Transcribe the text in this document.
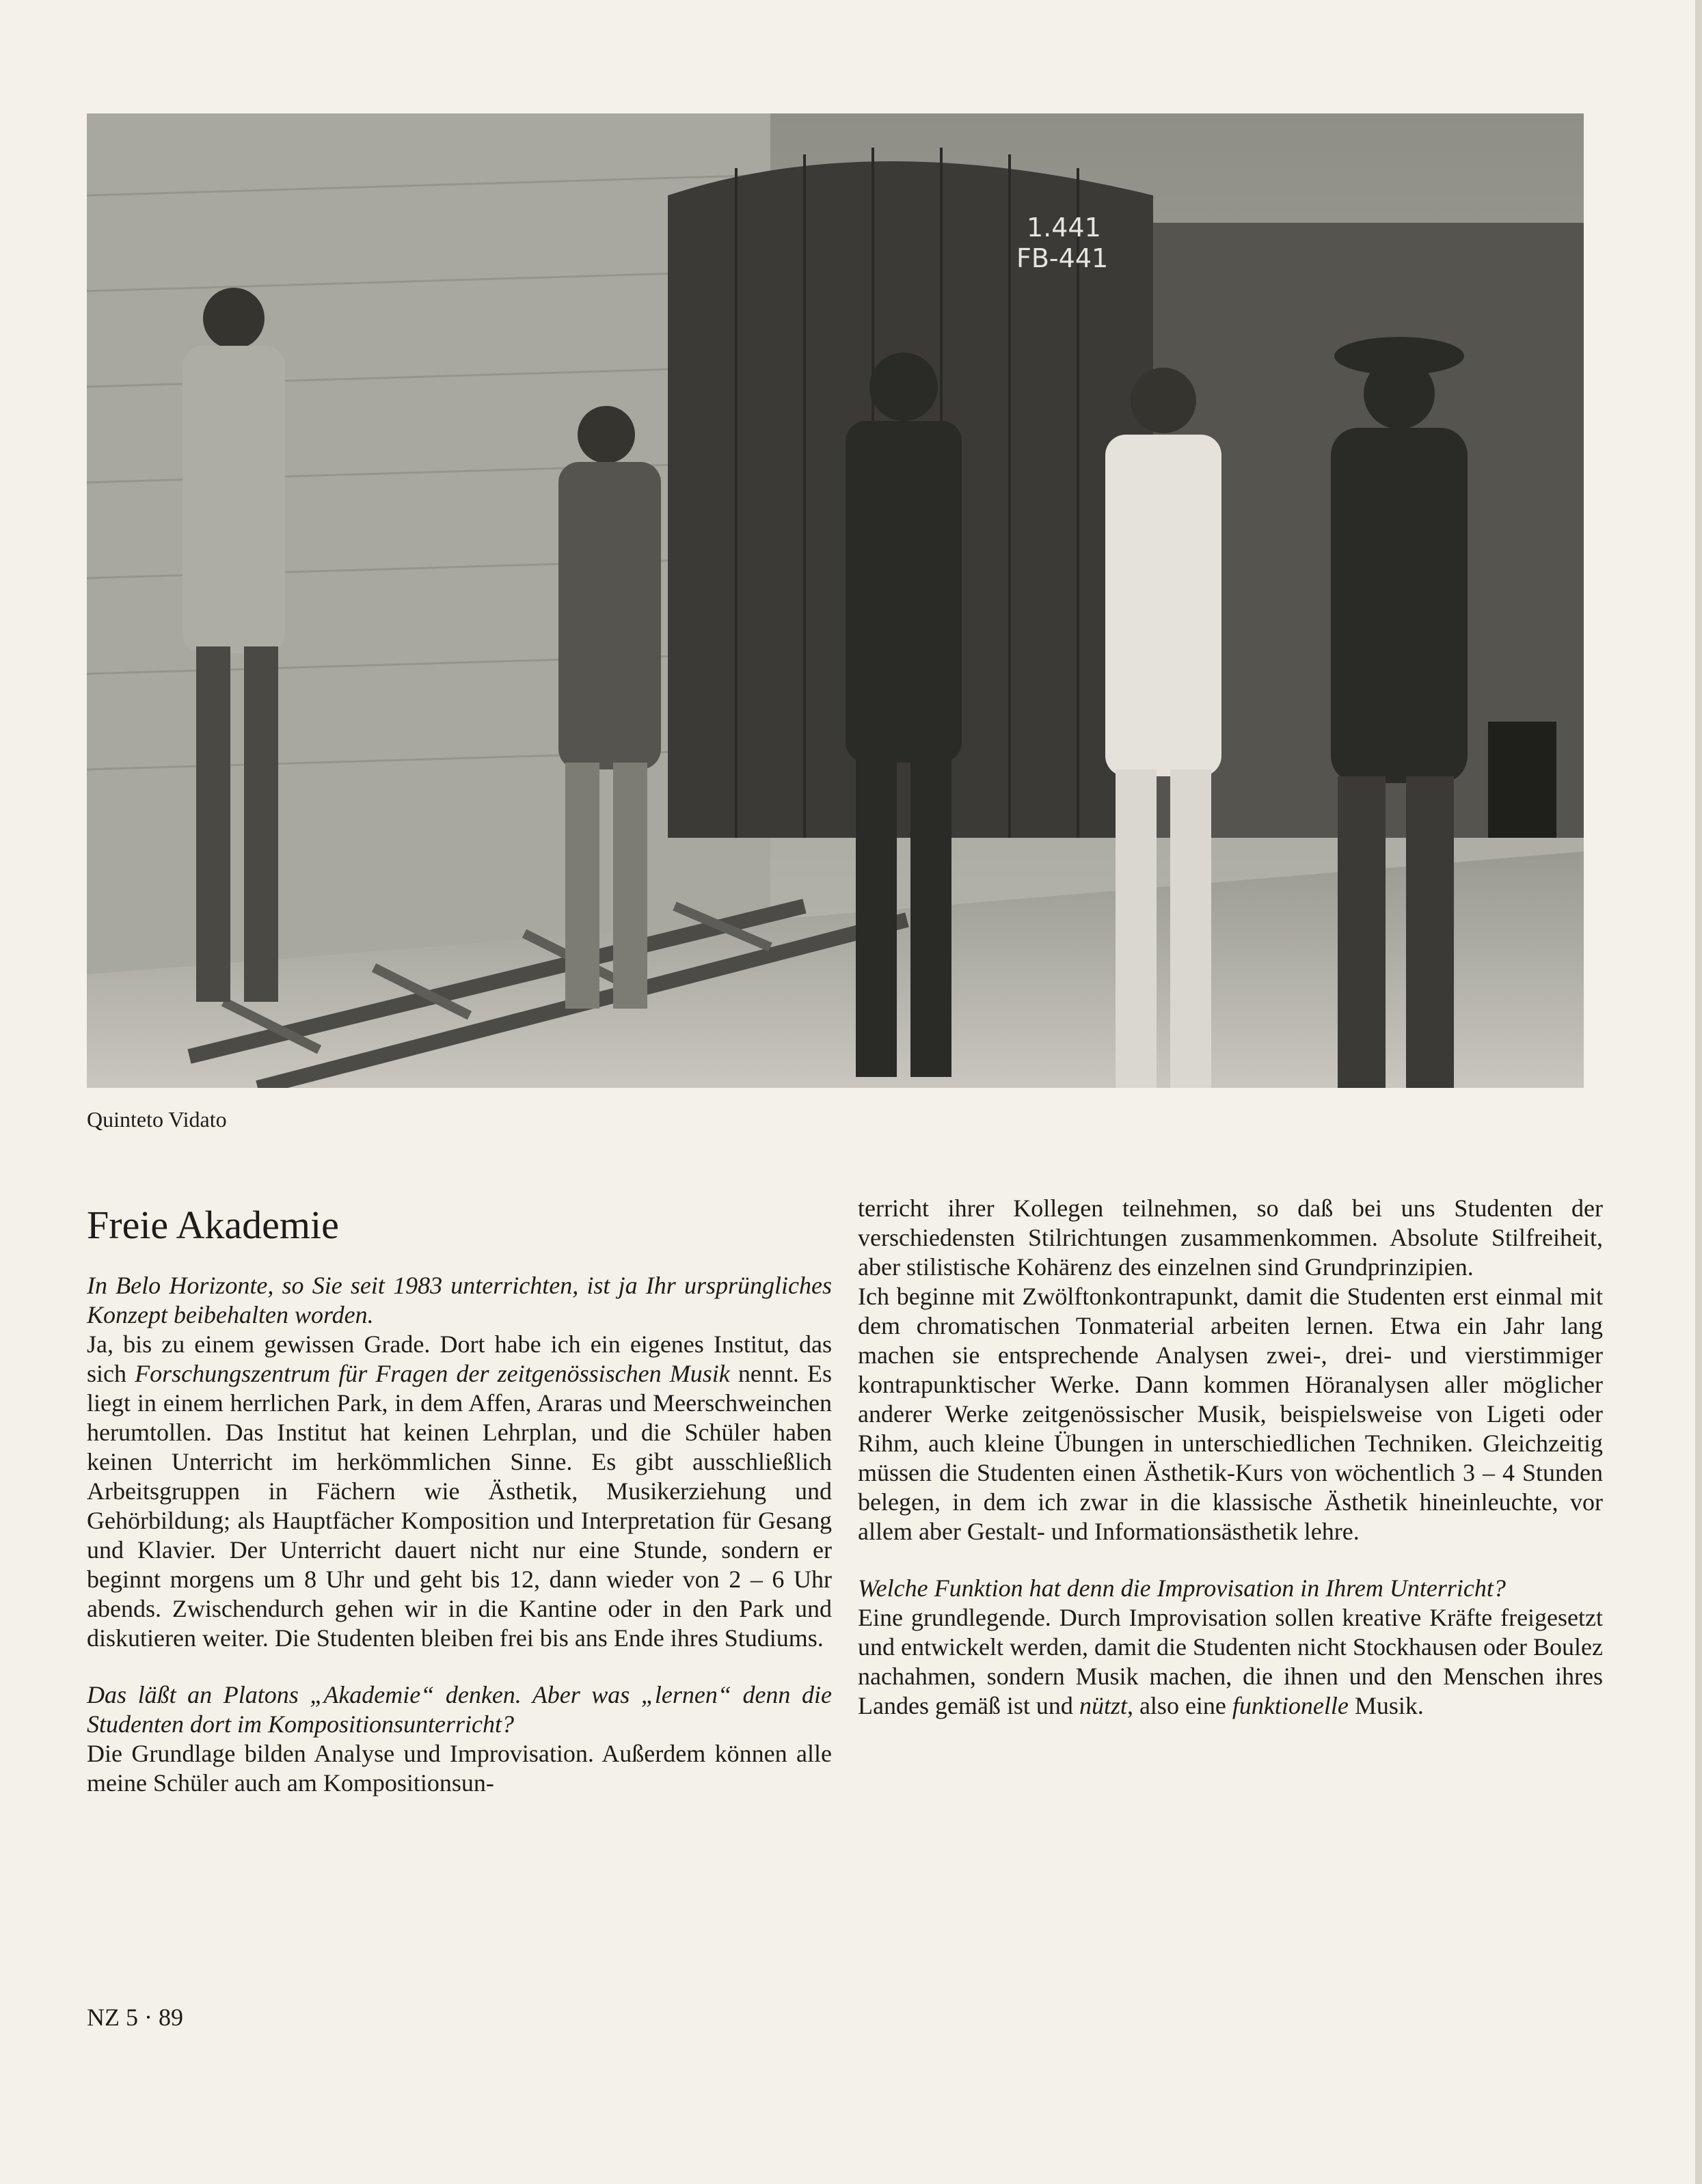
1.441
FB-441

Quinteto Vidato

Freie Akademie

In Belo Horizonte, so Sie seit 1983 unterrichten, ist ja Ihr ursprüngliches Konzept beibehalten worden.

Ja, bis zu einem gewissen Grade. Dort habe ich ein eigenes Institut, das sich Forschungszentrum für Fragen der zeitgenössischen Musik nennt. Es liegt in einem herrlichen Park, in dem Affen, Araras und Meerschweinchen herumtollen. Das Institut hat keinen Lehrplan, und die Schüler haben keinen Unterricht im herkömmlichen Sinne. Es gibt ausschließlich Arbeitsgruppen in Fächern wie Ästhetik, Musikerziehung und Gehörbildung; als Hauptfächer Komposition und Interpretation für Gesang und Klavier. Der Unterricht dauert nicht nur eine Stunde, sondern er beginnt morgens um 8 Uhr und geht bis 12, dann wieder von 2 – 6 Uhr abends. Zwischendurch gehen wir in die Kantine oder in den Park und diskutieren weiter. Die Studenten bleiben frei bis ans Ende ihres Studiums.

Das läßt an Platons „Akademie“ denken. Aber was „lernen“ denn die Studenten dort im Kompositionsunterricht?

Die Grundlage bilden Analyse und Improvisation. Außerdem können alle meine Schüler auch am Kompositionsun-

terricht ihrer Kollegen teilnehmen, so daß bei uns Studenten der verschiedensten Stilrichtungen zusammenkommen. Absolute Stilfreiheit, aber stilistische Kohärenz des einzelnen sind Grundprinzipien.

Ich beginne mit Zwölftonkontrapunkt, damit die Studenten erst einmal mit dem chromatischen Tonmaterial arbeiten lernen. Etwa ein Jahr lang machen sie entsprechende Analysen zwei-, drei- und vierstimmiger kontrapunktischer Werke. Dann kommen Höranalysen aller möglicher anderer Werke zeitgenössischer Musik, beispielsweise von Ligeti oder Rihm, auch kleine Übungen in unterschiedlichen Techniken. Gleichzeitig müssen die Studenten einen Ästhetik-Kurs von wöchentlich 3 – 4 Stunden belegen, in dem ich zwar in die klassische Ästhetik hineinleuchte, vor allem aber Gestalt- und Informationsästhetik lehre.

Welche Funktion hat denn die Improvisation in Ihrem Unterricht?

Eine grundlegende. Durch Improvisation sollen kreative Kräfte freigesetzt und entwickelt werden, damit die Studenten nicht Stockhausen oder Boulez nachahmen, sondern Musik machen, die ihnen und den Menschen ihres Landes gemäß ist und nützt, also eine funktionelle Musik.

NZ 5 · 89
